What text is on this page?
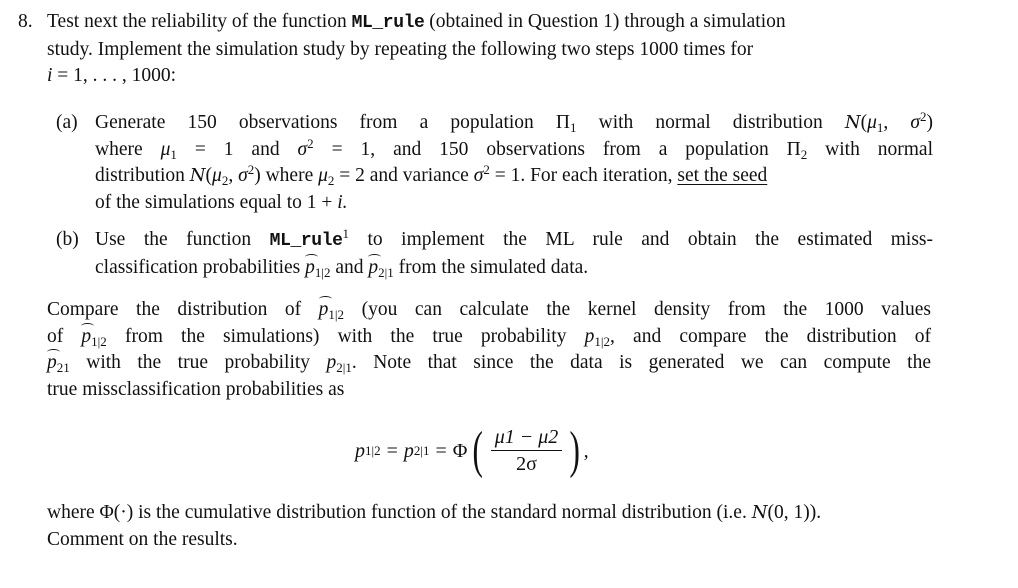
8. Test next the reliability of the function ML_rule (obtained in Question 1) through a simulation
study. Implement the simulation study by repeating the following two steps 1000 times for
i = 1, . . . , 1000:
(a) Generate 150 observations from a population $\Pi_1$ with normal distribution $N(\mu_1$, $\sigma^2$)
where $\mu_1 = 1$ and $\sigma^2 = 1$, and 150 observations from a population $\Pi_2$ with normal
distribution $N(\mu_2$, $\sigma^2$) where $\mu_2 = 2$ and variance $\sigma^2 = 1$. For each iteration, set the seed
of the simulations equal to 1 + i.
(b) Use the function ML_rule$^1$ to implement the ML rule and obtain the estimated miss-
classification probabilities $p_{1|2}$ and $p_{2|1}$ from the simulated data.
Compare the distribution of $p_{1|2}$ (you can calculate the kernel density from the 1000 values
of $p_{1|2}$ from the simulations) with the true probability $p_{1|2}$, and compare the distribution of
$p_{21}$ with the true probability $p_{2|1}$. Note that since the data is generated we can compute the
true missclassification probabilities as
p 1|2 = p 2|1 = Φ ( $\frac{\mu 1 - \mu 2}{2\sigma}$ ) ,
where Φ(·) is the cumulative distribution function of the standard normal distribution (i.e. N(0, 1)).
Comment on the results.
